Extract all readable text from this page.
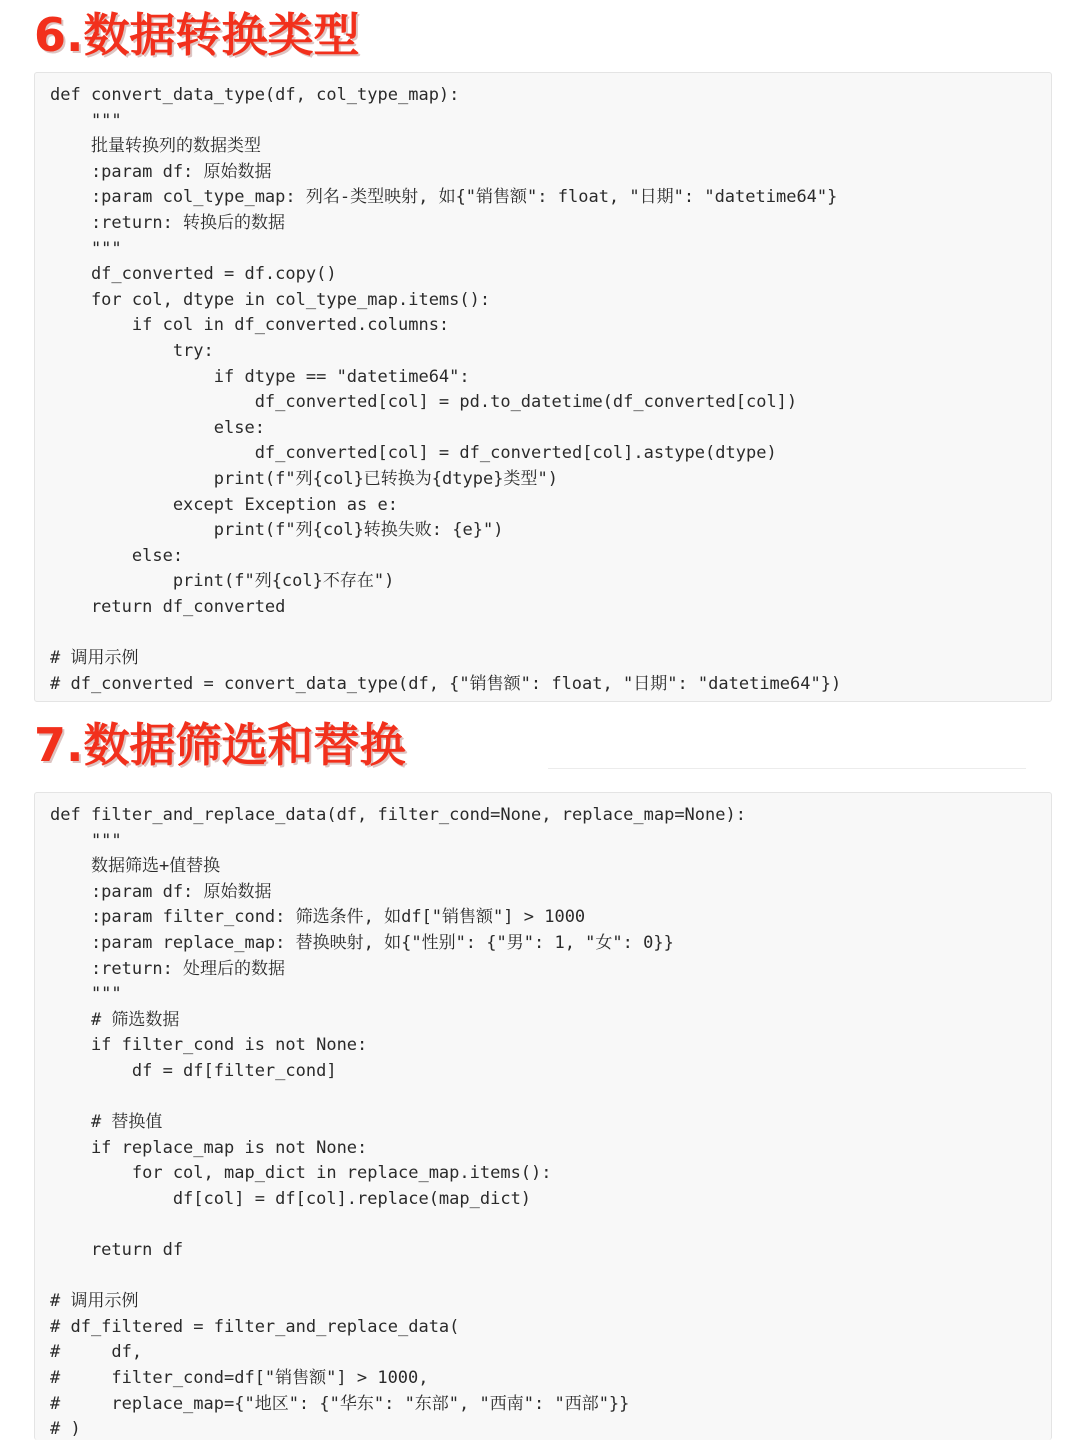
6.数据转换类型
def convert_data_type(df, col_type_map):
"""
批量转换列的数据类型
:param df: 原始数据
:param col_type_map: 列名-类型映射, 如{"销售额": float, "日期": "datetime64"}
:return: 转换后的数据
"""
df_converted = df.copy()
for col, dtype in col_type_map.items():
if col in df_converted.columns:
try:
if dtype == "datetime64":
df_converted[col] = pd.to_datetime(df_converted[col])
else:
df_converted[col] = df_converted[col].astype(dtype)
print(f"列{col}已转换为{dtype}类型")
except Exception as e:
print(f"列{col}转换失败: {e}")
else:
print(f"列{col}不存在")
return df_converted
# 调用示例
# df_converted = convert_data_type(df, {"销售额": float, "日期": "datetime64"})
7.数据筛选和替换
def filter_and_replace_data(df, filter_cond=None, replace_map=None):
"""
数据筛选+值替换
:param df: 原始数据
:param filter_cond: 筛选条件, 如df["销售额"] > 1000
:param replace_map: 替换映射, 如{"性别": {"男": 1, "女": 0}}
:return: 处理后的数据
"""
# 筛选数据
if filter_cond is not None:
df = df[filter_cond]
# 替换值
if replace_map is not None:
for col, map_dict in replace_map.items():
df[col] = df[col].replace(map_dict)
return df
# 调用示例
# df_filtered = filter_and_replace_data(
#     df,
#     filter_cond=df["销售额"] > 1000,
#     replace_map={"地区": {"华东": "东部", "西南": "西部"}}
# )
